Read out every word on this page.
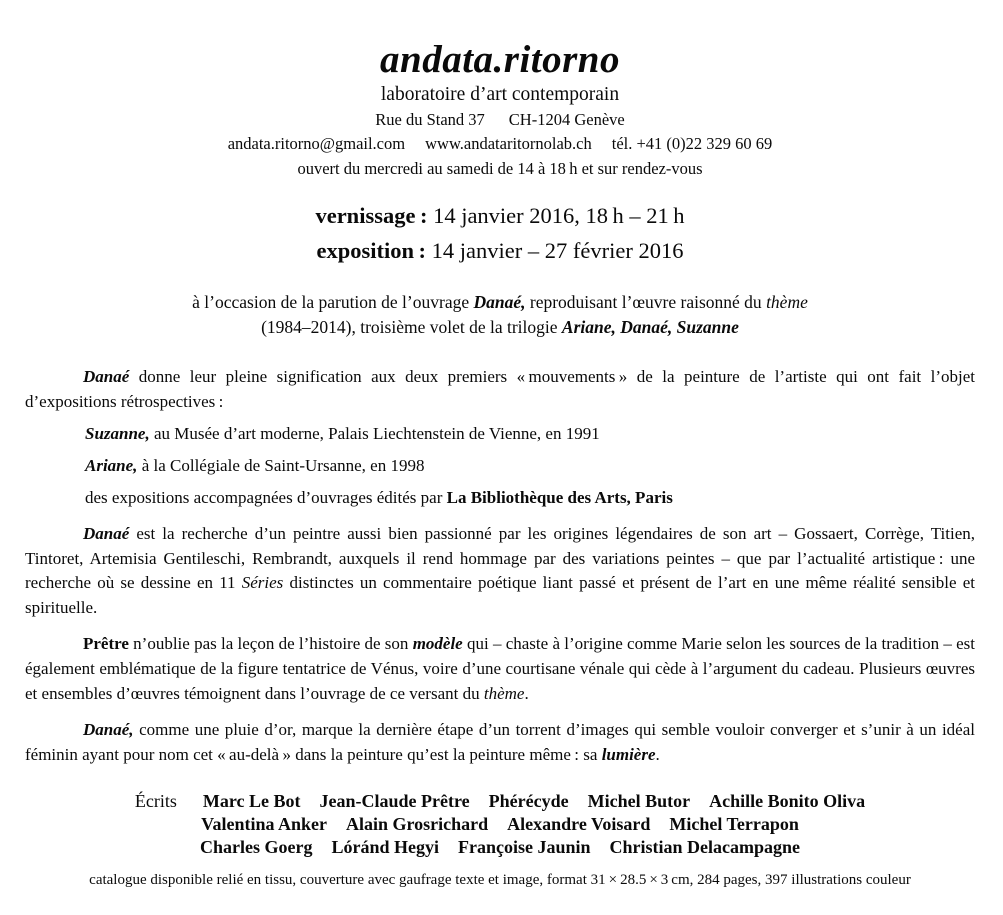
andata.ritorno
laboratoire d’art contemporain
Rue du Stand 37 CH-1204 Genève
andata.ritorno@gmail.com www.andataritornolab.ch tél. +41 (0)22 329 60 69
ouvert du mercredi au samedi de 14 à 18 h et sur rendez-vous
vernissage : 14 janvier 2016, 18 h – 21 h
exposition : 14 janvier – 27 février 2016
à l’occasion de la parution de l’ouvrage Danaé, reproduisant l’œuvre raisonné du thème
(1984–2014), troisième volet de la trilogie Ariane, Danaé, Suzanne
Danaé donne leur pleine signification aux deux premiers « mouvements » de la peinture de l’artiste qui ont fait l’objet d’expositions rétrospectives :
Suzanne, au Musée d’art moderne, Palais Liechtenstein de Vienne, en 1991
Ariane, à la Collégiale de Saint-Ursanne, en 1998
des expositions accompagnées d’ouvrages édités par La Bibliothèque des Arts, Paris
Danaé est la recherche d’un peintre aussi bien passionné par les origines légendaires de son art – Gossaert, Corrège, Titien, Tintoret, Artemisia Gentileschi, Rembrandt, auxquels il rend hommage par des variations peintes – que par l’actualité artistique : une recherche où se dessine en 11 Séries distinctes un commentaire poétique liant passé et présent de l’art en une même réalité sensible et spirituelle.
Prêtre n’oublie pas la leçon de l’histoire de son modèle qui – chaste à l’origine comme Marie selon les sources de la tradition – est également emblématique de la figure tentatrice de Vénus, voire d’une courtisane vénale qui cède à l’argument du cadeau. Plusieurs œuvres et ensembles d’œuvres témoignent dans l’ouvrage de ce versant du thème.
Danaé, comme une pluie d’or, marque la dernière étape d’un torrent d’images qui semble vouloir converger et s’unir à un idéal féminin ayant pour nom cet « au-delà » dans la peinture qu’est la peinture même : sa lumière.
Écrits Marc Le Bot Jean-Claude Prêtre Phérécyde Michel Butor Achille Bonito Oliva
Valentina Anker Alain Grosrichard Alexandre Voisard Michel Terrapon
Charles Goerg Lóránd Hegyi Françoise Jaunin Christian Delacampagne
catalogue disponible relié en tissu, couverture avec gaufrage texte et image, format 31 × 28.5 × 3 cm, 284 pages, 397 illustrations couleur
